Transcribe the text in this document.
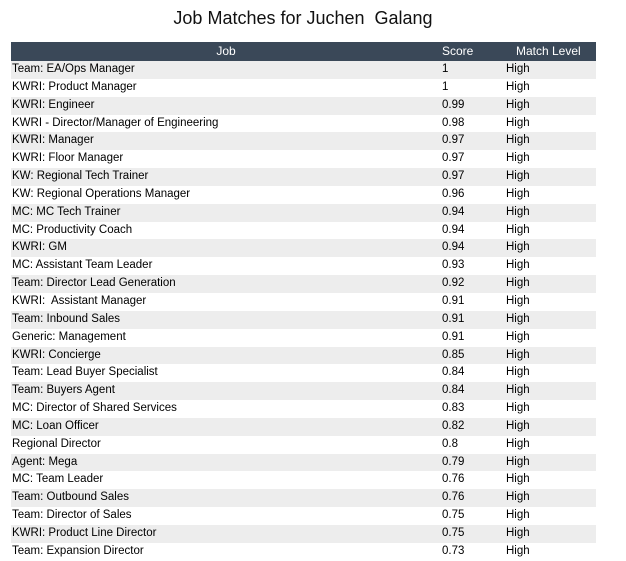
Job Matches for Juchen  Galang
Job	Score	Match Level
Team: EA/Ops Manager	1	High
KWRI: Product Manager	1	High
KWRI: Engineer	0.99	High
KWRI - Director/Manager of Engineering	0.98	High
KWRI: Manager	0.97	High
KWRI: Floor Manager	0.97	High
KW: Regional Tech Trainer	0.97	High
KW: Regional Operations Manager	0.96	High
MC: MC Tech Trainer	0.94	High
MC: Productivity Coach	0.94	High
KWRI: GM	0.94	High
MC: Assistant Team Leader	0.93	High
Team: Director Lead Generation	0.92	High
KWRI:  Assistant Manager	0.91	High
Team: Inbound Sales	0.91	High
Generic: Management	0.91	High
KWRI: Concierge	0.85	High
Team: Lead Buyer Specialist	0.84	High
Team: Buyers Agent	0.84	High
MC: Director of Shared Services	0.83	High
MC: Loan Officer	0.82	High
Regional Director	0.8	High
Agent: Mega	0.79	High
MC: Team Leader	0.76	High
Team: Outbound Sales	0.76	High
Team: Director of Sales	0.75	High
KWRI: Product Line Director	0.75	High
Team: Expansion Director	0.73	High
